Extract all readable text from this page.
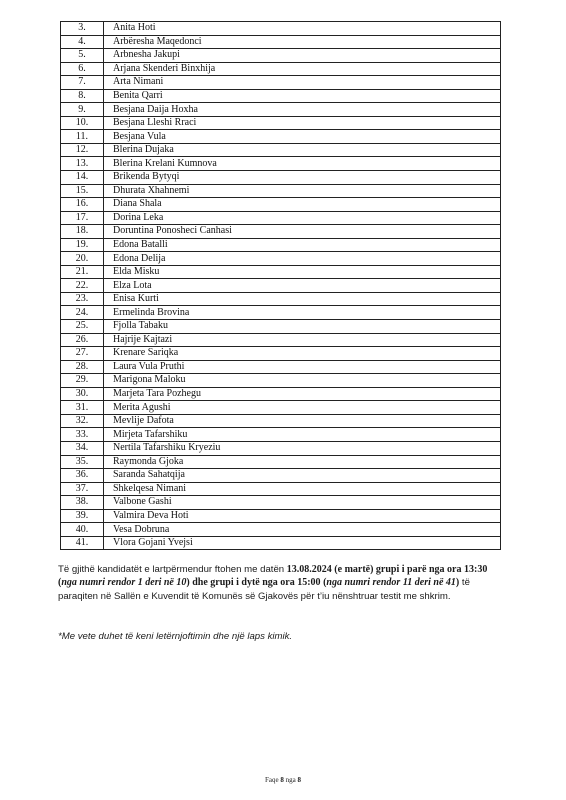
3.	Anita Hoti
4.	Arbëresha Maqedonci
5.	Arbnesha Jakupi
6.	Arjana Skenderi Binxhija
7.	Arta Nimani
8.	Benita Qarri
9.	Besjana Daija Hoxha
10.	Besjana Lleshi Rraci
11.	Besjana Vula
12.	Blerina Dujaka
13.	Blerina Krelani Kumnova
14.	Brikenda Bytyqi
15.	Dhurata Xhahnemi
16.	Diana Shala
17.	Dorina Leka
18.	Doruntina Ponosheci Canhasi
19.	Edona Batalli
20.	Edona Delija
21.	Elda Misku
22.	Elza Lota
23.	Enisa Kurti
24.	Ermelinda Brovina
25.	Fjolla Tabaku
26.	Hajrije Kajtazi
27.	Krenare Sariqka
28.	Laura Vula Pruthi
29.	Marigona Maloku
30.	Marjeta Tara Pozhegu
31.	Merita Agushi
32.	Mevlije Dafota
33.	Mirjeta Tafarshiku
34.	Nertila Tafarshiku Kryeziu
35.	Raymonda Gjoka
36.	Saranda Sahatqija
37.	Shkelqesa Nimani
38.	Valbone Gashi
39.	Valmira Deva Hoti
40.	Vesa Dobruna
41.	Vlora Gojani Yvejsi

Të gjithë kandidatët e lartpërmendur ftohen me datën 13.08.2024 (e martë) grupi i parë nga ora 13:30 (nga numri rendor 1 deri në 10) dhe grupi i dytë nga ora 15:00 (nga numri rendor 11 deri në 41) të paraqiten në Sallën e Kuvendit të Komunës së Gjakovës për t’iu nënshtruar testit me shkrim.

*Me vete duhet të keni letërnjoftimin dhe një laps kimik.

Faqe 8 nga 8
